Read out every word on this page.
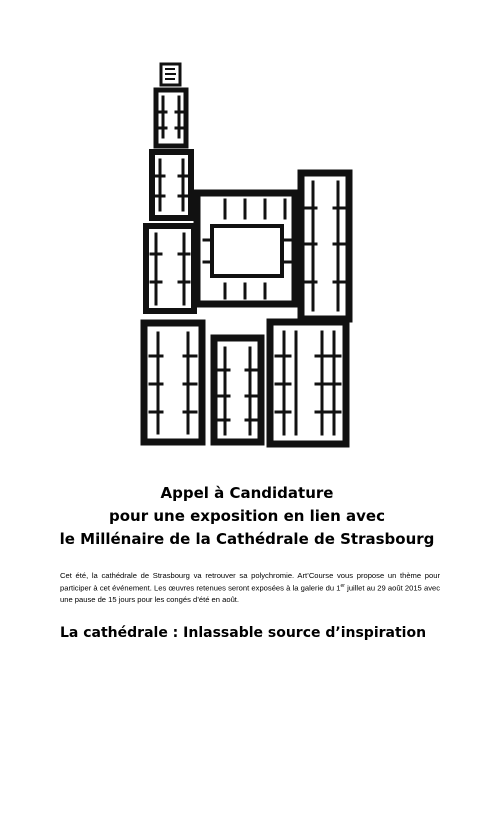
Appel à Candidature
pour une exposition en lien avec
le Millénaire de la Cathédrale de Strasbourg
Cet été, la cathédrale de Strasbourg va retrouver sa polychromie. Art’Course vous propose un thème pour participer à cet événement. Les œuvres retenues seront exposées à la galerie du 1er juillet au 29 août 2015 avec une pause de 15 jours pour les congés d’été en août.
La cathédrale : Inlassable source d’inspiration
